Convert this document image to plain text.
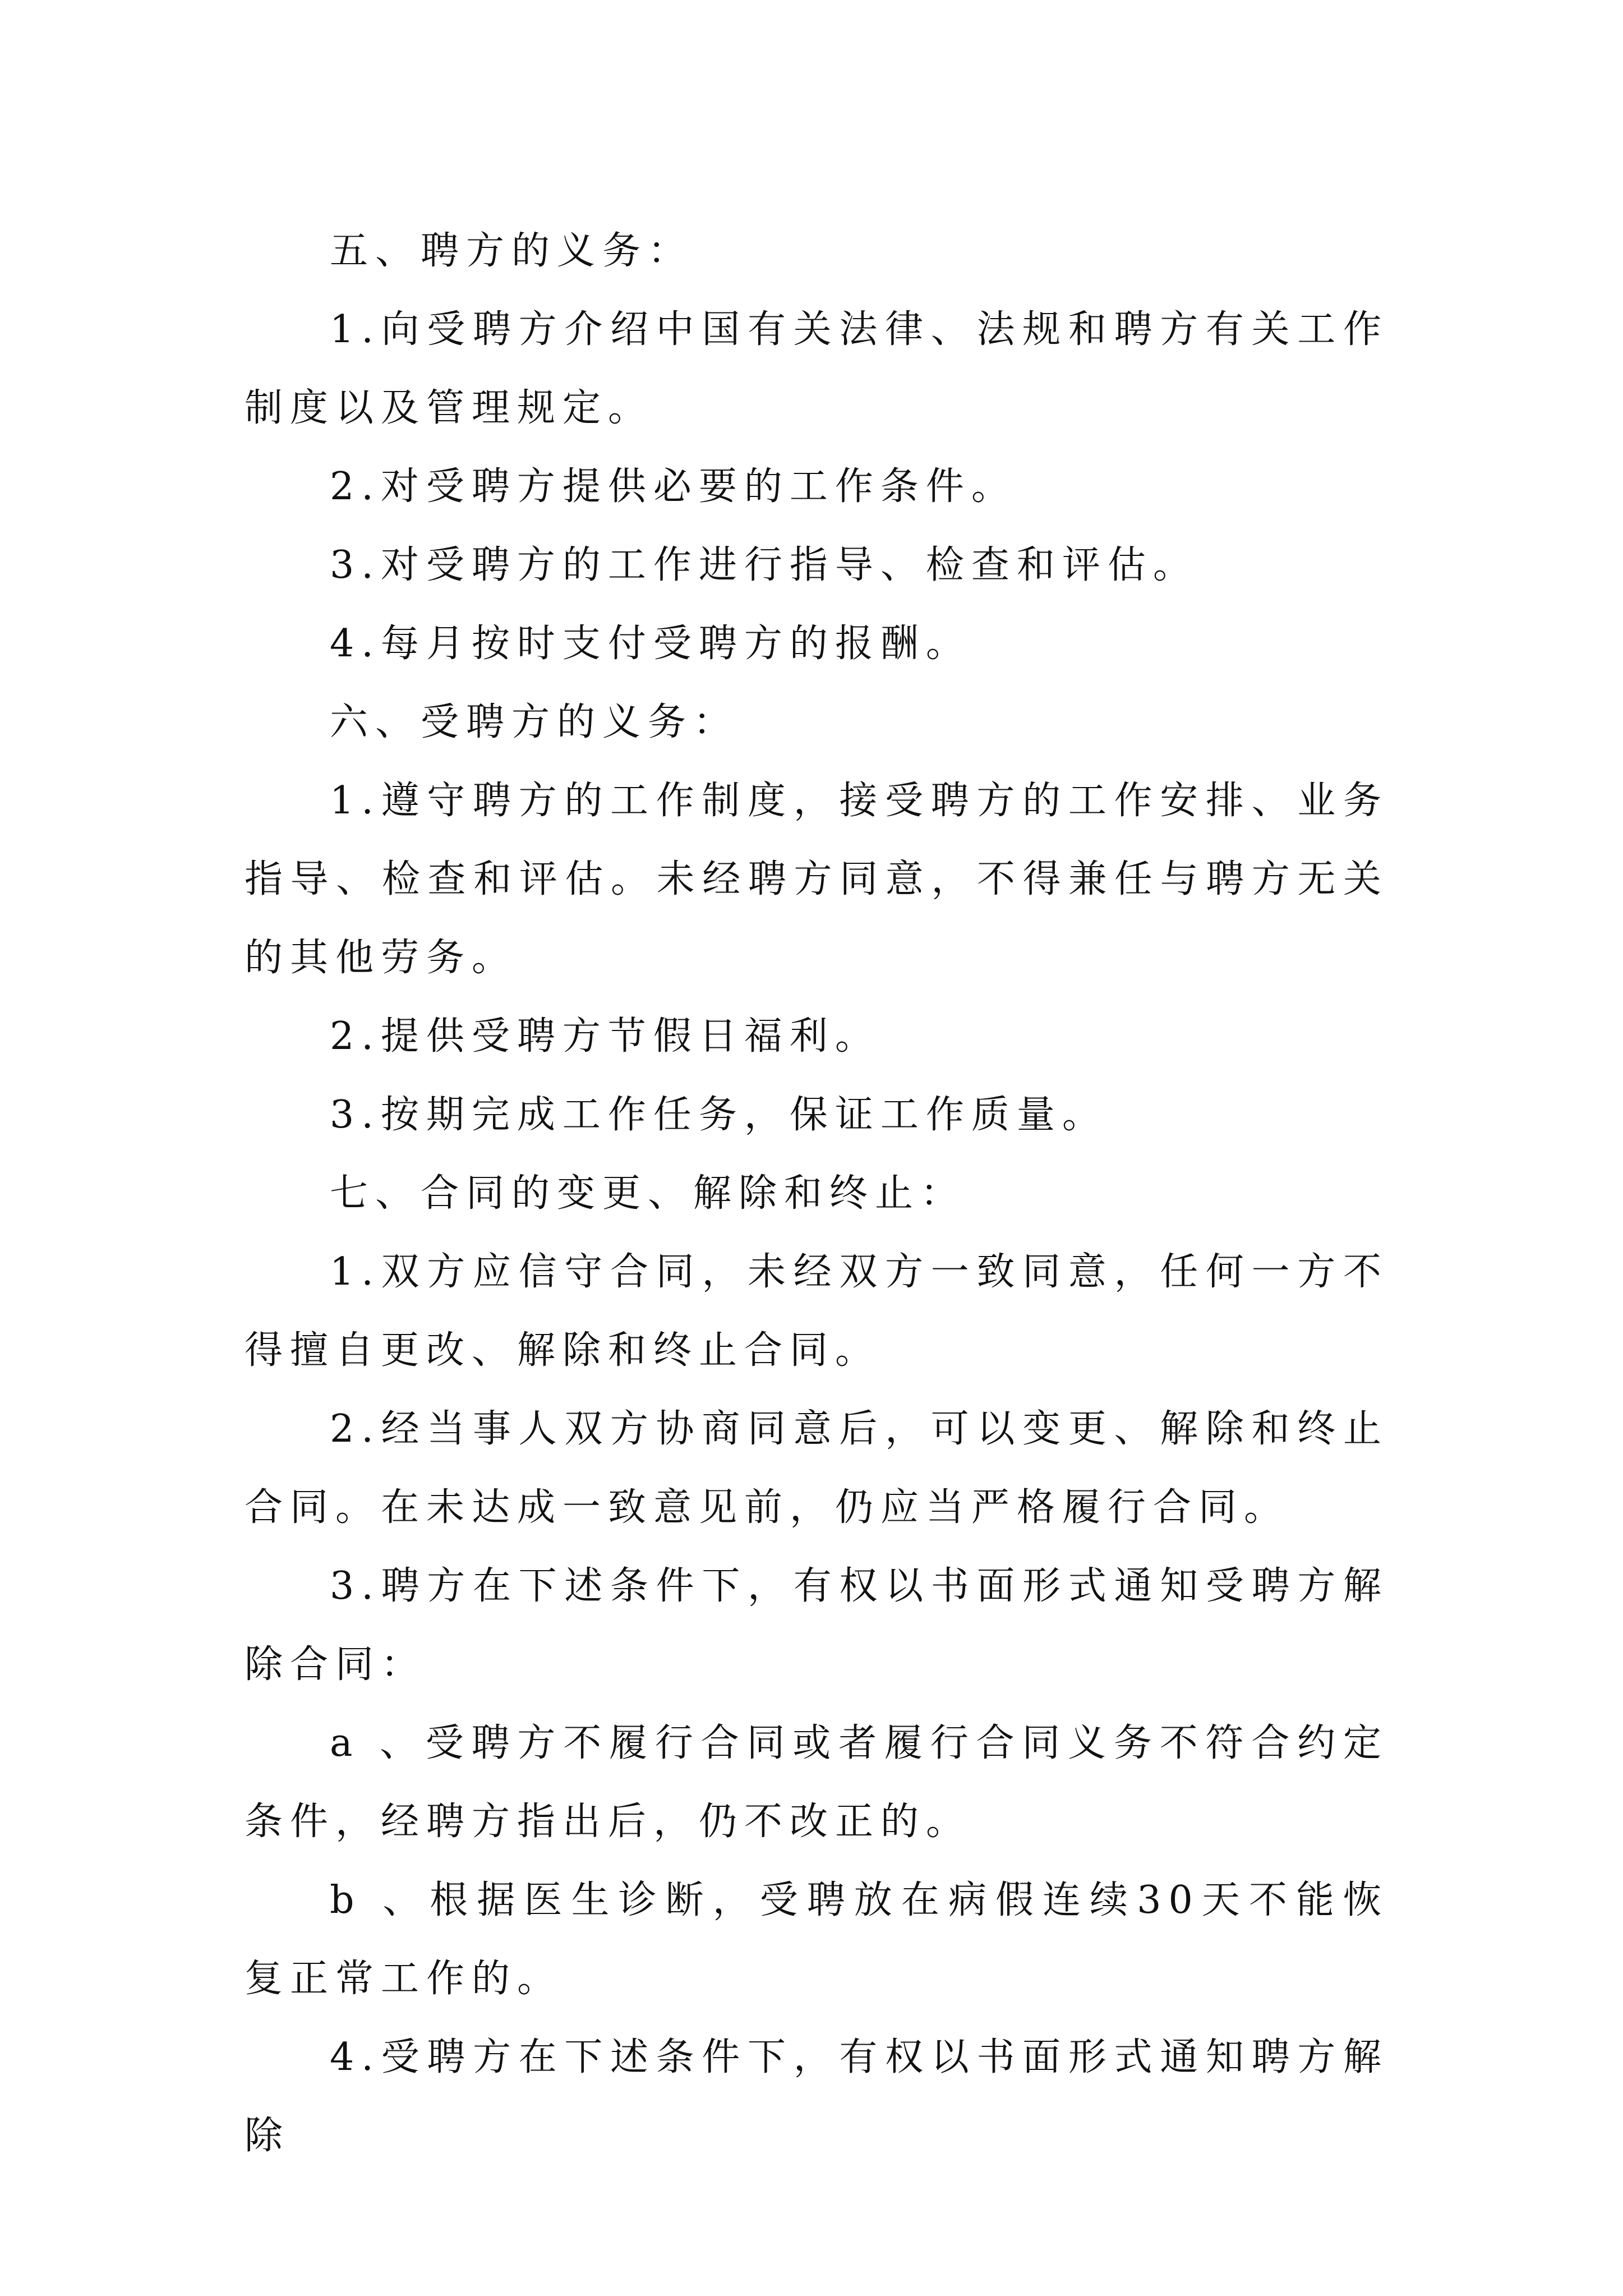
五、聘方的义务：

1.向受聘方介绍中国有关法律、法规和聘方有关工作制度以及管理规定。

2.对受聘方提供必要的工作条件。

3.对受聘方的工作进行指导、检查和评估。

4.每月按时支付受聘方的报酬。

六、受聘方的义务：

1.遵守聘方的工作制度，接受聘方的工作安排、业务指导、检查和评估。未经聘方同意，不得兼任与聘方无关的其他劳务。

2.提供受聘方节假日福利。

3.按期完成工作任务，保证工作质量。

七、合同的变更、解除和终止：

1.双方应信守合同，未经双方一致同意，任何一方不得擅自更改、解除和终止合同。

2.经当事人双方协商同意后，可以变更、解除和终止合同。在未达成一致意见前，仍应当严格履行合同。

3.聘方在下述条件下，有权以书面形式通知受聘方解除合同：

a 、受聘方不履行合同或者履行合同义务不符合约定条件，经聘方指出后，仍不改正的。

b 、根据医生诊断，受聘放在病假连续30天不能恢复正常工作的。

4.受聘方在下述条件下，有权以书面形式通知聘方解除
